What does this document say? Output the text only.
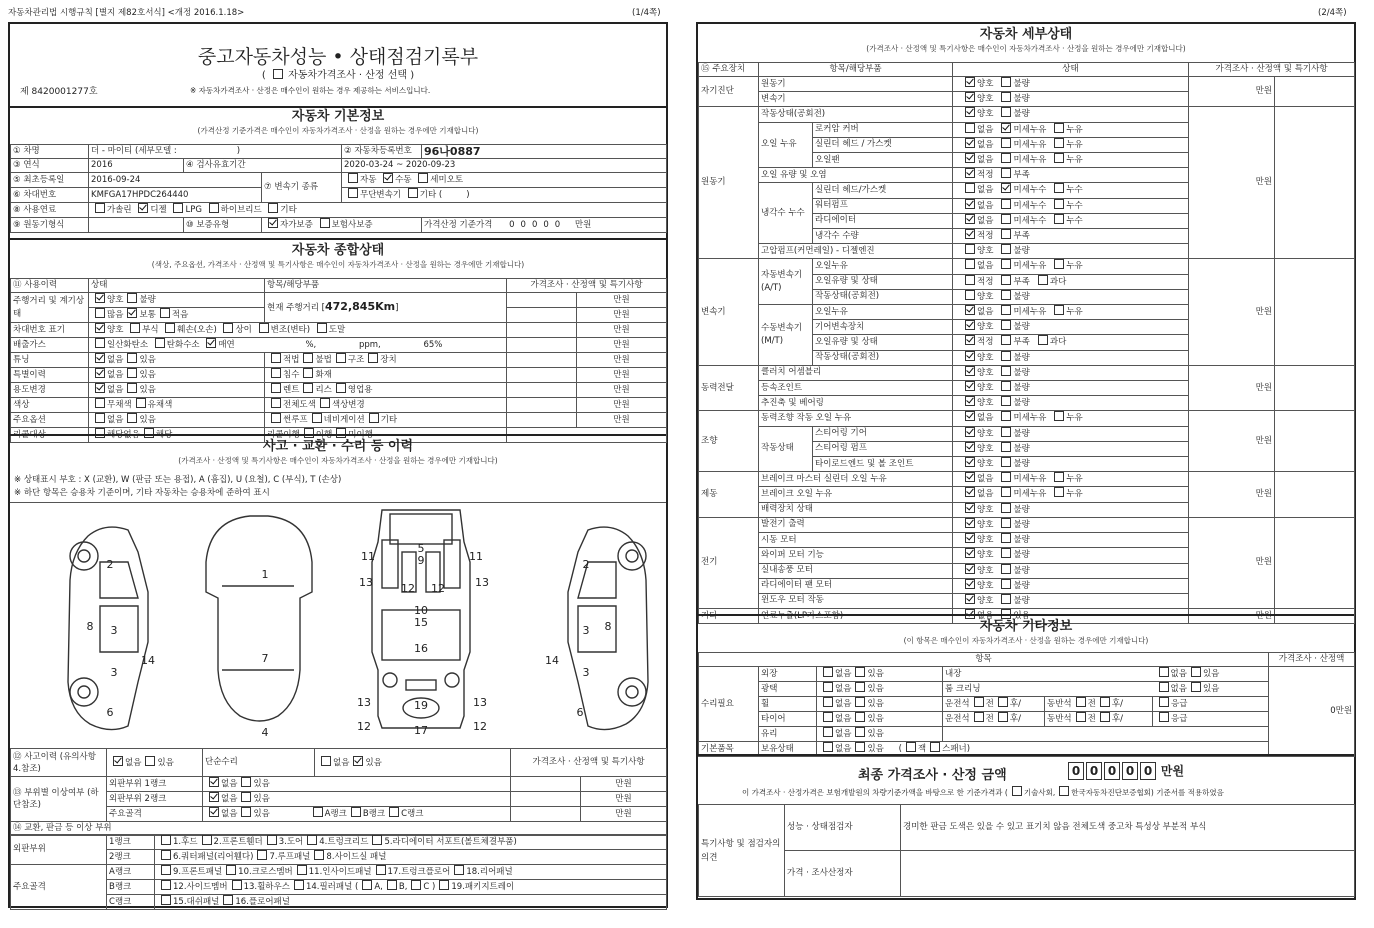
자동차관리법 시행규칙 [별지 제82호서식] <개정 2016.1.18>	(1/4쪽)	(2/4쪽)
중고자동차성능 • 상태점검기록부
( 자동차가격조사 · 산정 선택 )
제 8420001277호	※ 자동차가격조사 · 산정은 매수인이 원하는 경우 제공하는 서비스입니다.
자동차 기본정보
(가격산정 기준가격은 매수인이 자동차가격조사 · 산정을 원하는 경우에만 기재합니다)
① 차명	더 - 마이티 (세부모델 : )			② 자동차등록번호	96나0887
③ 연식	2016	④ 검사유효기간		2020-03-24 ~ 2020-09-23	
⑤ 최초등록일	2016-09-24		⑦ 변속기 종류	자동 수동 세미오토	
⑥ 차대번호	KMFGA17HPDC264440			무단변속기 기타 ( )	
⑧ 사용연료	가솔린 디젤 LPG 하이브리드 기타				
⑨ 원동기형식		⑩ 보증유형	자가보증 보험사보증		가격산정 기준가격 00000 만원
자동차 종합상태
(색상, 주요옵션, 가격조사 · 산정액 및 특기사항은 매수인이 자동차가격조사 · 산정을 원하는 경우에만 기재합니다)
⑪ 사용이력	상태	항목/해당부품	가격조사 · 산정액 및 특기사항	
주행거리 및 계기상태	양호 불량	현재 주행거리 [472,845Km]		만원
	많음 보통 적음			만원
차대번호 표기	양호 부식 훼손(오손) 상이 변조(변타) 도말			만원
배출가스	일산화탄소 탄화수소 매연 %, ppm, 65%			만원
튜닝	없음 있음	적법 불법 구조 장치		만원
특별이력	없음 있음	침수 화재		만원
용도변경	없음 있음	렌트 리스 영업용		만원
색상	무채색 유채색	전체도색 색상변경		만원
주요옵션	없음 있음	썬루프 네비게이션 기타		만원
리콜대상	해당없음 해당	리콜이행 이행 미이행		
사고 · 교환 · 수리 등 이력
(가격조사 · 산정액 및 특기사항은 매수인이 자동차가격조사 · 산정을 원하는 경우에만 기재합니다)
※ 상태표시 부호 : X (교환), W (판금 또는 용접), A (흠집), U (요철), C (부식), T (손상)
※ 하단 항목은 승용차 기준이며, 기타 자동차는 승용차에 준하여 표시
2
8 3
14
3
1
7
4
5
9
11	11
13	13
12 12
10
15
16
19
13	13
12	12
17
2
8
3
14
3
6	6
⑫ 사고이력 (유의사항 4.참조)	없음 있음	단순수리	없음 있음	가격조사 · 산정액 및 특기사항	
⑬ 부위별 이상여부 (하단참조)	외판부위 1랭크	없음 있음			만원
	외판부위 2랭크	없음 있음			만원
	주요골격	없음 있음 A랭크 B랭크 C랭크			만원
⑭ 교환, 판금 등 이상 부위					
외판부위	1랭크	1.후드 2.프론트휀더 3.도어 4.트렁크리드 5.라디에이터 서포트(볼트체결부품)
	2랭크	6.쿼터패널(리어휀다) 7.루프패널 8.사이드실 패널
주요골격	A랭크	9.프론트패널 10.크로스멤버 11.인사이드패널 17.트렁크플로어 18.리어패널
	B랭크	12.사이드멤버 13.휠하우스 14.필러패널 ( A, B, C ) 19.패키지트레이
	C랭크	15.대쉬패널 16.플로어패널
자동차 세부상태
(가격조사 · 산정액 및 특기사항은 매수인이 자동차가격조사 · 산정을 원하는 경우에만 기재합니다)
⑮ 주요장치	항목/해당부품		상태	가격조사 · 산정액 및 특기사항	
자기진단	원동기		양호 불량	만원	
	변속기		양호 불량		
원동기	작동상태(공회전)		양호 불량	만원	
	오일 누유	로커암 커버	없음 미세누유 누유		
		실린더 헤드 / 가스켓	없음 미세누유 누유		
		오일팬	없음 미세누유 누유		
	오일 유량 및 오염		적정 부족		
	냉각수 누수	실린더 헤드/가스켓	없음 미세누수 누수		
		워터펌프	없음 미세누수 누수		
		라디에이터	없음 미세누수 누수		
		냉각수 수량	적정 부족		
	고압펌프(커먼레일) - 디젤엔진		양호 불량		
변속기	자동변속기 (A/T)	오일누유	없음 미세누유 누유	만원	
		오일유량 및 상태	적정 부족 과다		
		작동상태(공회전)	양호 불량		
	수동변속기 (M/T)	오일누유	없음 미세누유 누유		
		기어변속장치	양호 불량		
		오일유량 및 상태	적정 부족 과다		
		작동상태(공회전)	양호 불량		
동력전달	클러치 어셈블리		양호 불량	만원	
	등속조인트		양호 불량		
	추진축 및 베어링		양호 불량		
조향	동력조향 작동 오일 누유		없음 미세누유 누유	만원	
	작동상태	스티어링 기어	양호 불량		
		스티어링 펌프	양호 불량		
		타이로드엔드 및 볼 조인트	양호 불량		
제동	브레이크 마스터 실린더 오일 누유		없음 미세누유 누유	만원	
	브레이크 오일 누유		없음 미세누유 누유		
	배력장치 상태		양호 불량		
전기	발전기 출력		양호 불량	만원	
	시동 모터		양호 불량		
	와이퍼 모터 기능		양호 불량		
	실내송풍 모터		양호 불량		
	라디에이터 팬 모터		양호 불량		
	윈도우 모터 작동		양호 불량		
기타	연료누출(LP가스포함)		없음 있음	만원	
자동차 기타정보
(이 항목은 매수인이 자동차가격조사 · 산정을 원하는 경우에만 기재합니다)
항목						가격조사 · 산정액
수리필요	외장	없음 있음	내장		없음 있음	0만원
	광택	없음 있음	룸 크리닝		없음 있음	
	휠	없음 있음	운전석 전 후/	동반석 전 후/	응급	
	타이어	없음 있음	운전석 전 후/	동반석 전 후/	응급	
	유리	없음 있음				
기본품목	보유상태	없음 있음 ( 잭 스패너)				
최종 가격조사 · 산정 금액	0 0 0 0 0 만원
이 가격조사 · 산정가격은 보험개발원의 차량기준가액을 바탕으로 한 기준가격과 ( 기술사회, 한국자동차진단보증협회) 기준서를 적용하였음
특기사항 및 점검자의 의견	성능 · 상태점검자	경미한 판금 도색은 있을 수 있고 표기치 않음 전체도색 중고차 특성상 부분적 부식
	가격 · 조사산정자	
